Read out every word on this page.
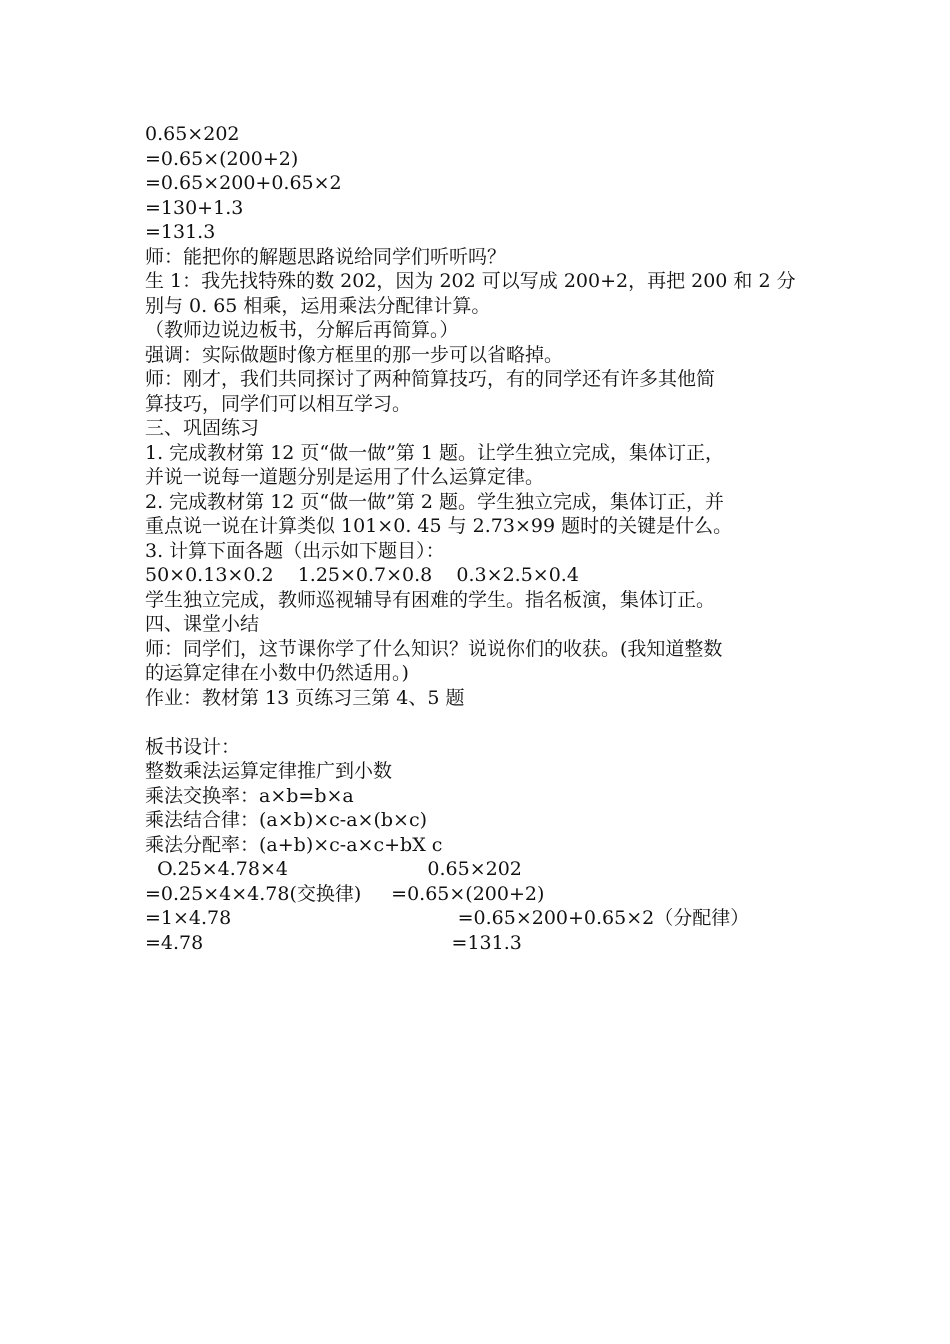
0.65×202

=0.65×(200+2)

=0.65×200+0.65×2

=130+1.3

=131.3

师：能把你的解题思路说给同学们听听吗？

生 1：我先找特殊的数 202，因为 202 可以写成 200+2，再把 200 和 2 分

别与 0. 65 相乘，运用乘法分配律计算。

（教师边说边板书，分解后再简算。）

强调：实际做题时像方框里的那一步可以省略掉。

师：刚才，我们共同探讨了两种简算技巧，有的同学还有许多其他简

算技巧，同学们可以相互学习。

三、巩固练习

1. 完成教材第 12 页“做一做”第 1 题。让学生独立完成，集体订正，

并说一说每一道题分别是运用了什么运算定律。

2. 完成教材第 12 页“做一做”第 2 题。学生独立完成，集体订正，并

重点说一说在计算类似 101×0. 45 与 2.73×99 题时的关键是什么。

3. 计算下面各题（出示如下题目）：

50×0.13×0.2    1.25×0.7×0.8    0.3×2.5×0.4

学生独立完成，教师巡视辅导有困难的学生。指名板演，集体订正。

四、课堂小结

师：同学们，这节课你学了什么知识？说说你们的收获。(我知道整数

的运算定律在小数中仍然适用。)

作业：教材第 13 页练习三第 4、5 题

板书设计：

整数乘法运算定律推广到小数

乘法交换率：a×b=b×a

乘法结合律：(a×b)×c-a×(b×c)

乘法分配率：(a+b)×c-a×c+bX c

O.25×4.78×4	0.65×202
=0.25×4×4.78(交换律) =0.65×(200+2)
=1×4.78	=0.65×200+0.65×2（分配律）
=4.78	=131.3
